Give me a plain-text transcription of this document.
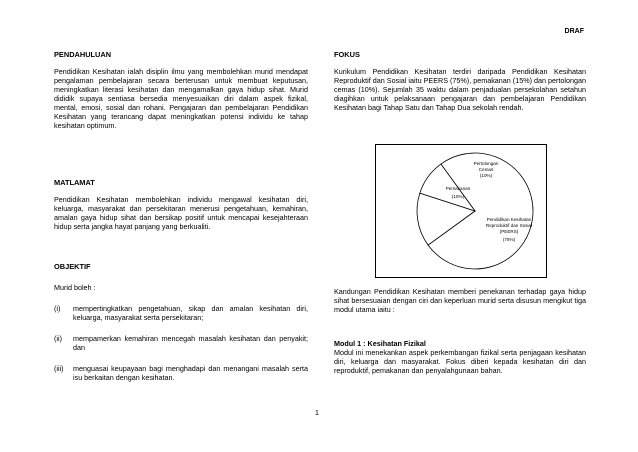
DRAF
PENDAHULUAN

Pendidikan Kesihatan ialah disiplin ilmu yang membolehkan murid mendapat pengalaman pembelajaran secara berterusan untuk membuat keputusan, meningkatkan literasi kesihatan dan mengamalkan gaya hidup sihat. Murid dididik supaya sentiasa bersedia menyesuaikan diri dalam aspek fizikal, mental, emosi, sosial dan rohani. Pengajaran dan pembelajaran Pendidikan Kesihatan yang terancang dapat meningkatkan potensi individu ke tahap kesihatan optimum.

MATLAMAT

Pendidikan Kesihatan membolehkan individu mengawal kesihatan diri, keluarga, masyarakat dan persekitaran menerusi pengetahuan, kemahiran, amalan gaya hidup sihat dan bersikap positif untuk mencapai kesejahteraan hidup serta jangka hayat panjang yang berkualiti.

OBJEKTIF

Murid boleh :

(i) mempertingkatkan pengetahuan, sikap dan amalan kesihatan diri, keluarga, masyarakat serta persekitaran;
(ii) mempamerkan kemahiran mencegah masalah kesihatan dan penyakit; dan
(iii) menguasai keupayaan bagi menghadapi dan menangani masalah serta isu berkaitan dengan kesihatan.
FOKUS

Kurikulum Pendidikan Kesihatan terdiri daripada Pendidikan Kesihatan Reproduktif dan Sosial iaitu PEERS (75%), pemakanan (15%) dan pertolongan cemas (10%). Sejumlah 35 waktu dalam penjadualan persekolahan setahun diagihkan untuk pelaksanaan pengajaran dan pembelajaran Pendidikan Kesihatan bagi Tahap Satu dan Tahap Dua sekolah rendah.

Pertolongan Cemas
(10%)
Pemakanan
(15%)
Pendidikan Kesihatan Reproduktif dan Sosial (PEERS)
(75%)

Kandungan Pendidikan Kesihatan memberi penekanan terhadap gaya hidup sihat bersesuaian dengan ciri dan keperluan murid serta disusun mengikut tiga modul utama iaitu :

Modul 1 : Kesihatan Fizikal

Modul ini menekankan aspek perkembangan fizikal serta penjagaan kesihatan diri, keluarga dan masyarakat. Fokus diberi kepada kesihatan diri dan reproduktif, pemakanan dan penyalahgunaan bahan.

1
